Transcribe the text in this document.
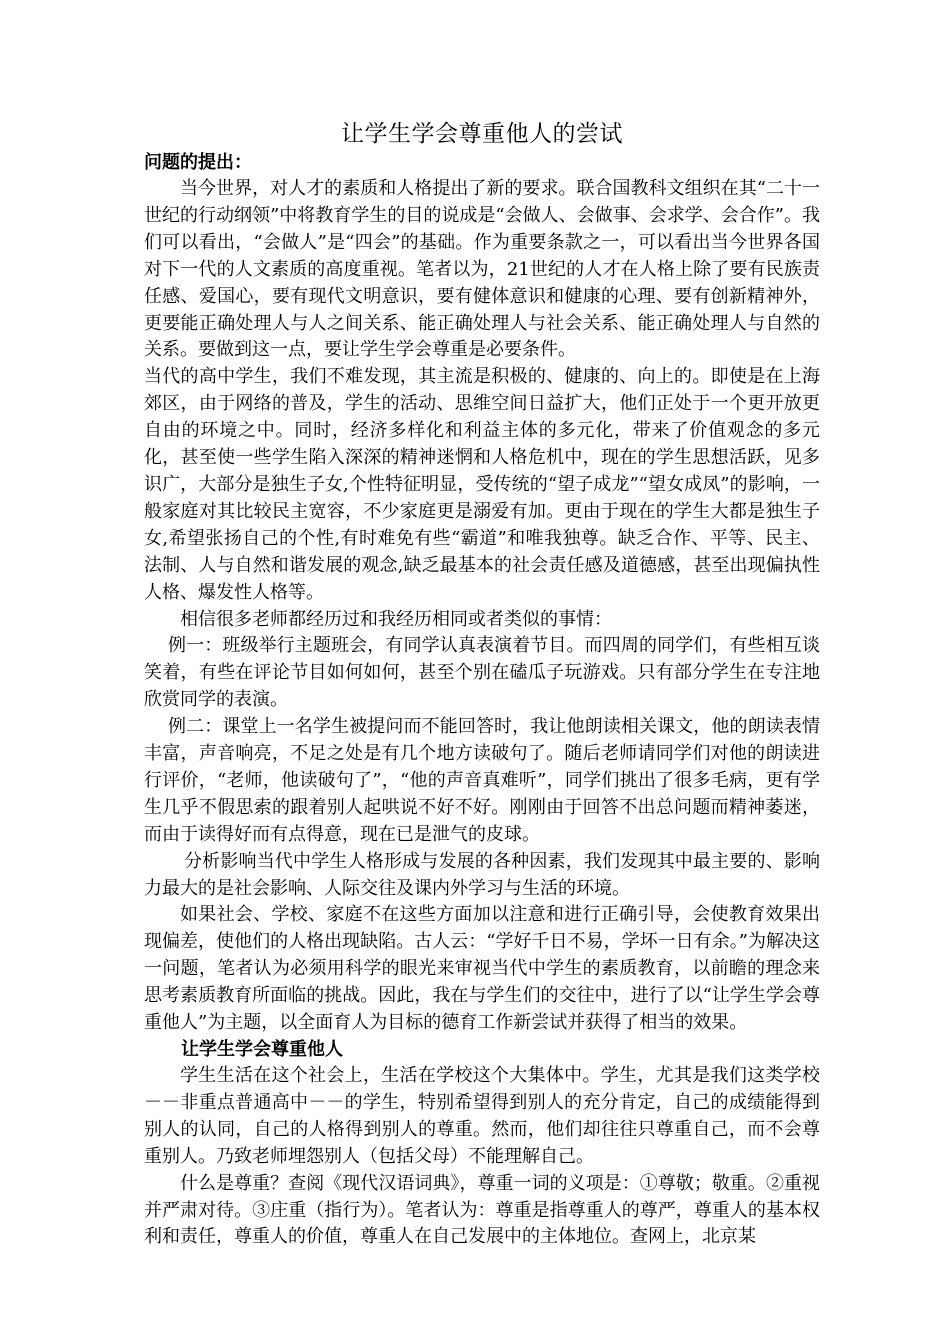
让学生学会尊重他人的尝试
问题的提出：

当今世界，对人才的素质和人格提出了新的要求。联合国教科文组织在其“二十一世纪的行动纲领”中将教育学生的目的说成是“会做人、会做事、会求学、会合作”。我们可以看出，“会做人”是“四会”的基础。作为重要条款之一，可以看出当今世界各国对下一代的人文素质的高度重视。笔者以为，21世纪的人才在人格上除了要有民族责任感、爱国心，要有现代文明意识，要有健体意识和健康的心理、要有创新精神外，更要能正确处理人与人之间关系、能正确处理人与社会关系、能正确处理人与自然的关系。要做到这一点，要让学生学会尊重是必要条件。

当代的高中学生，我们不难发现，其主流是积极的、健康的、向上的。即使是在上海郊区，由于网络的普及，学生的活动、思维空间日益扩大，他们正处于一个更开放更自由的环境之中。同时，经济多样化和利益主体的多元化，带来了价值观念的多元化，甚至使一些学生陷入深深的精神迷惘和人格危机中，现在的学生思想活跃，见多识广，大部分是独生子女,个性特征明显，受传统的“望子成龙”“望女成凤”的影响，一般家庭对其比较民主宽容，不少家庭更是溺爱有加。更由于现在的学生大都是独生子女,希望张扬自己的个性,有时难免有些“霸道”和唯我独尊。缺乏合作、平等、民主、法制、人与自然和谐发展的观念,缺乏最基本的社会责任感及道德感，甚至出现偏执性人格、爆发性人格等。

相信很多老师都经历过和我经历相同或者类似的事情：

例一：班级举行主题班会，有同学认真表演着节目。而四周的同学们，有些相互谈笑着，有些在评论节目如何如何，甚至个别在磕瓜子玩游戏。只有部分学生在专注地欣赏同学的表演。

例二：课堂上一名学生被提问而不能回答时，我让他朗读相关课文，他的朗读表情丰富，声音响亮，不足之处是有几个地方读破句了。随后老师请同学们对他的朗读进行评价，“老师，他读破句了”，“他的声音真难听”，同学们挑出了很多毛病，更有学生几乎不假思索的跟着别人起哄说不好不好。刚刚由于回答不出总问题而精神萎迷，而由于读得好而有点得意，现在已是泄气的皮球。

分析影响当代中学生人格形成与发展的各种因素，我们发现其中最主要的、影响力最大的是社会影响、人际交往及课内外学习与生活的环境。

如果社会、学校、家庭不在这些方面加以注意和进行正确引导，会使教育效果出现偏差，使他们的人格出现缺陷。古人云：“学好千日不易，学坏一日有余。”为解决这一问题，笔者认为必须用科学的眼光来审视当代中学生的素质教育，以前瞻的理念来思考素质教育所面临的挑战。因此，我在与学生们的交往中，进行了以“让学生学会尊重他人”为主题，以全面育人为目标的德育工作新尝试并获得了相当的效果。

让学生学会尊重他人

学生生活在这个社会上，生活在学校这个大集体中。学生，尤其是我们这类学校－－非重点普通高中－－的学生，特别希望得到别人的充分肯定，自己的成绩能得到别人的认同，自己的人格得到别人的尊重。然而，他们却往往只尊重自己，而不会尊重别人。乃致老师埋怨别人（包括父母）不能理解自己。

什么是尊重？查阅《现代汉语词典》，尊重一词的义项是：①尊敬；敬重。②重视并严肃对待。③庄重（指行为）。笔者认为：尊重是指尊重人的尊严，尊重人的基本权利和责任，尊重人的价值，尊重人在自己发展中的主体地位。查网上，北京某
